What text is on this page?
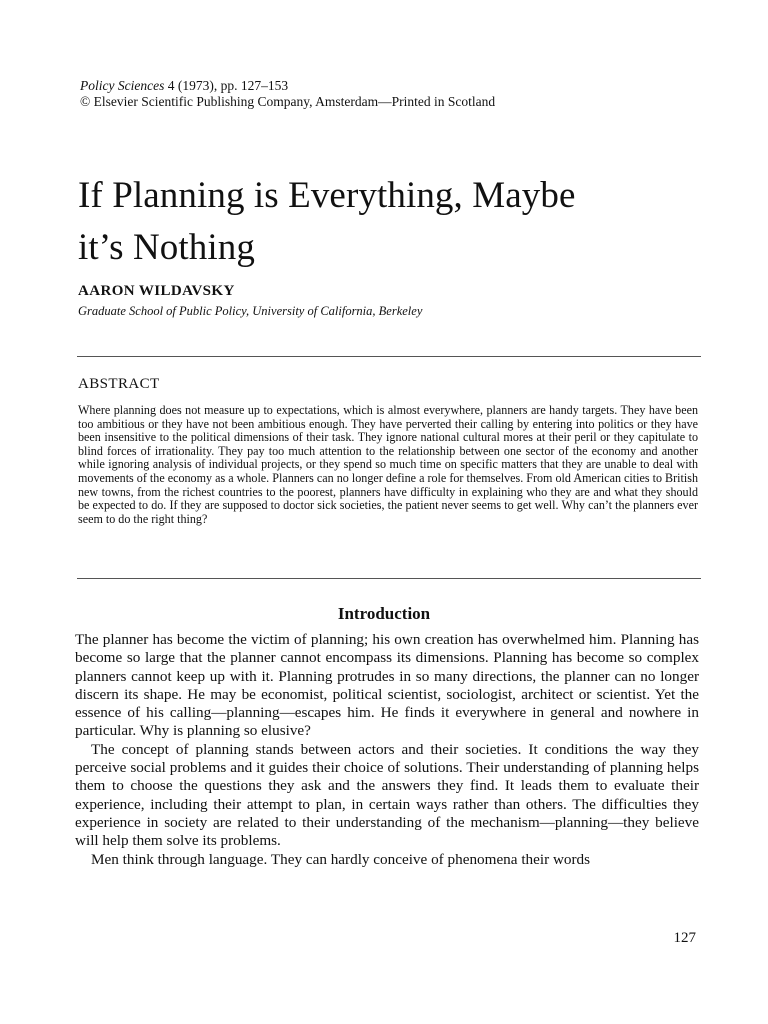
Policy Sciences 4 (1973), pp. 127–153
© Elsevier Scientific Publishing Company, Amsterdam—Printed in Scotland
If Planning is Everything, Maybe
it’s Nothing
AARON WILDAVSKY
Graduate School of Public Policy, University of California, Berkeley
ABSTRACT
Where planning does not measure up to expectations, which is almost everywhere, planners are handy targets. They have been too ambitious or they have not been ambitious enough. They have perverted their calling by entering into politics or they have been insensitive to the political dimensions of their task. They ignore national cultural mores at their peril or they capitulate to blind forces of irrationality. They pay too much attention to the relationship between one sector of the economy and another while ignoring analysis of individual projects, or they spend so much time on specific matters that they are unable to deal with movements of the economy as a whole. Planners can no longer define a role for themselves. From old American cities to British new towns, from the richest countries to the poorest, planners have difficulty in explaining who they are and what they should be expected to do. If they are supposed to doctor sick societies, the patient never seems to get well. Why can’t the planners ever seem to do the right thing?
Introduction

The planner has become the victim of planning; his own creation has overwhelmed him. Planning has become so large that the planner cannot encompass its dimensions. Planning has become so complex planners cannot keep up with it. Planning protrudes in so many directions, the planner can no longer discern its shape. He may be economist, political scientist, sociologist, architect or scientist. Yet the essence of his calling—planning—escapes him. He finds it everywhere in general and nowhere in particular. Why is planning so elusive?

The concept of planning stands between actors and their societies. It conditions the way they perceive social problems and it guides their choice of solutions. Their understanding of planning helps them to choose the questions they ask and the answers they find. It leads them to evaluate their experience, including their attempt to plan, in certain ways rather than others. The difficulties they experience in society are related to their understanding of the mechanism—planning—they believe will help them solve its problems.

Men think through language. They can hardly conceive of phenomena their words

127
